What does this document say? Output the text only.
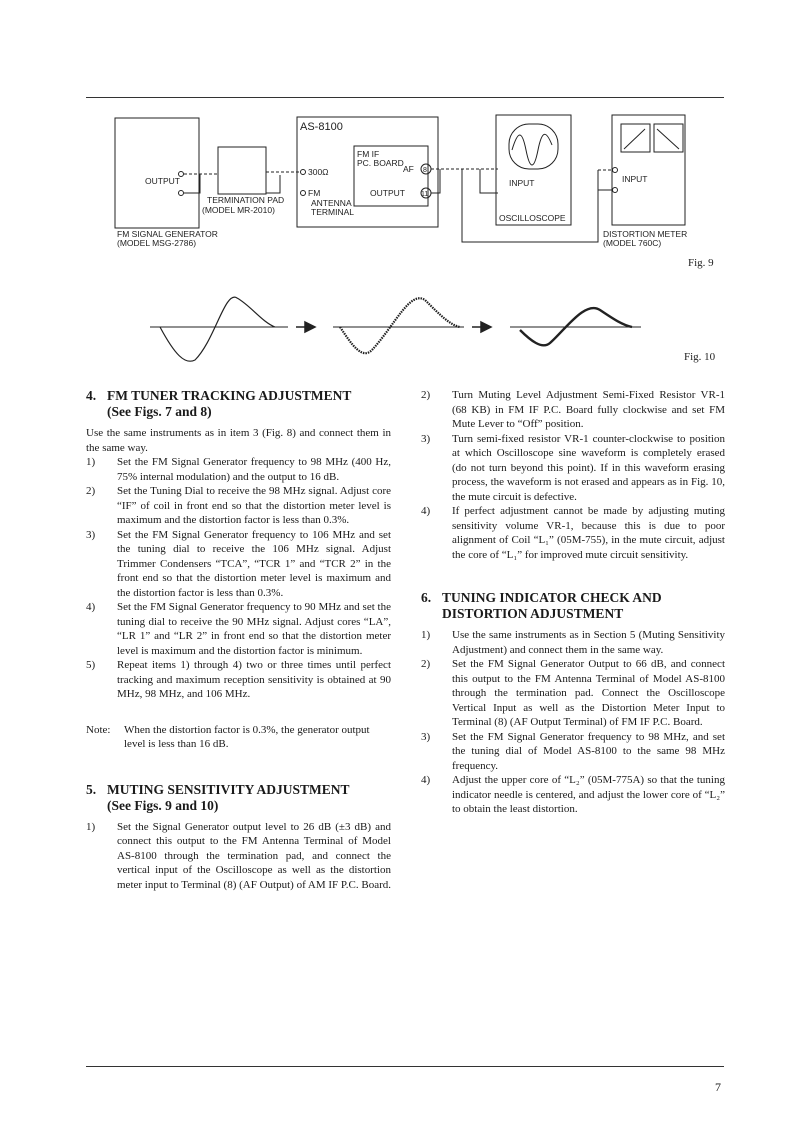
OUTPUT
FM SIGNAL GENERATOR
(MODEL MSG-2786)
TERMINATION PAD
(MODEL MR-2010)
AS-8100
300Ω
FM
ANTENNA
TERMINAL
FM IF
PC. BOARD
AF 8
OUTPUT 11
INPUT
OSCILLOSCOPE
INPUT
DISTORTION METER
(MODEL 760C)
Fig. 9
Fig. 10
4. FM TUNER TRACKING ADJUSTMENT
(See Figs. 7 and 8)

Use the same instruments as in item 3 (Fig. 8) and connect them in the same way.

1) Set the FM Signal Generator frequency to 98 MHz (400 Hz, 75% internal modulation) and the output to 16 dB.
2) Set the Tuning Dial to receive the 98 MHz signal. Adjust core “IF” of coil in front end so that the distortion meter level is maximum and the distortion factor is less than 0.3%.
3) Set the FM Signal Generator frequency to 106 MHz and set the tuning dial to receive the 106 MHz signal. Adjust Trimmer Condensers “TCA”, “TCR 1” and “TCR 2” in the front end so that the distortion meter level is maximum and the distortion factor is less than 0.3%.
4) Set the FM Signal Generator frequency to 90 MHz and set the tuning dial to receive the 90 MHz signal. Adjust cores “LA”, “LR 1” and “LR 2” in front end so that the distortion meter level is maximum and the distortion factor is minimum.
5) Repeat items 1) through 4) two or three times until perfect tracking and maximum reception sensitivity is obtained at 90 MHz, 98 MHz, and 106 MHz.
Note:	When the distortion factor is 0.3%, the generator output level is less than 16 dB.
5. MUTING SENSITIVITY ADJUSTMENT
(See Figs. 9 and 10)
1) Set the Signal Generator output level to 26 dB (±3 dB) and connect this output to the FM Antenna Terminal of Model AS-8100 through the termination pad, and connect the vertical input of the Oscilloscope as well as the distortion meter input to Terminal (8) (AF Output) of AM IF P.C. Board.
2) Turn Muting Level Adjustment Semi-Fixed Resistor VR-1 (68 KB) in FM IF P.C. Board fully clockwise and set FM Mute Lever to “Off” position.
3) Turn semi-fixed resistor VR-1 counter-clockwise to position at which Oscilloscope sine waveform is completely erased (do not turn beyond this point). If in this waveform erasing process, the waveform is not erased and appears as in Fig. 10, the mute circuit is defective.
4) If perfect adjustment cannot be made by adjusting muting sensitivity volume VR-1, because this is due to poor alignment of Coil “L₁” (05M-755), in the mute circuit, adjust the core of “L₁” for improved mute circuit sensitivity.
6. TUNING INDICATOR CHECK AND
DISTORTION ADJUSTMENT
1) Use the same instruments as in Section 5 (Muting Sensitivity Adjustment) and connect them in the same way.
2) Set the FM Signal Generator Output to 66 dB, and connect this output to the FM Antenna Terminal of Model AS-8100 through the termination pad. Connect the Oscilloscope Vertical Input as well as the Distortion Meter Input to Terminal (8) (AF Output Terminal) of FM IF P.C. Board.
3) Set the FM Signal Generator frequency to 98 MHz, and set the tuning dial of Model AS-8100 to the same 98 MHz frequency.
4) Adjust the upper core of “L₂” (05M-775A) so that the tuning indicator needle is centered, and adjust the lower core of “L₂” to obtain the least distortion.
7
